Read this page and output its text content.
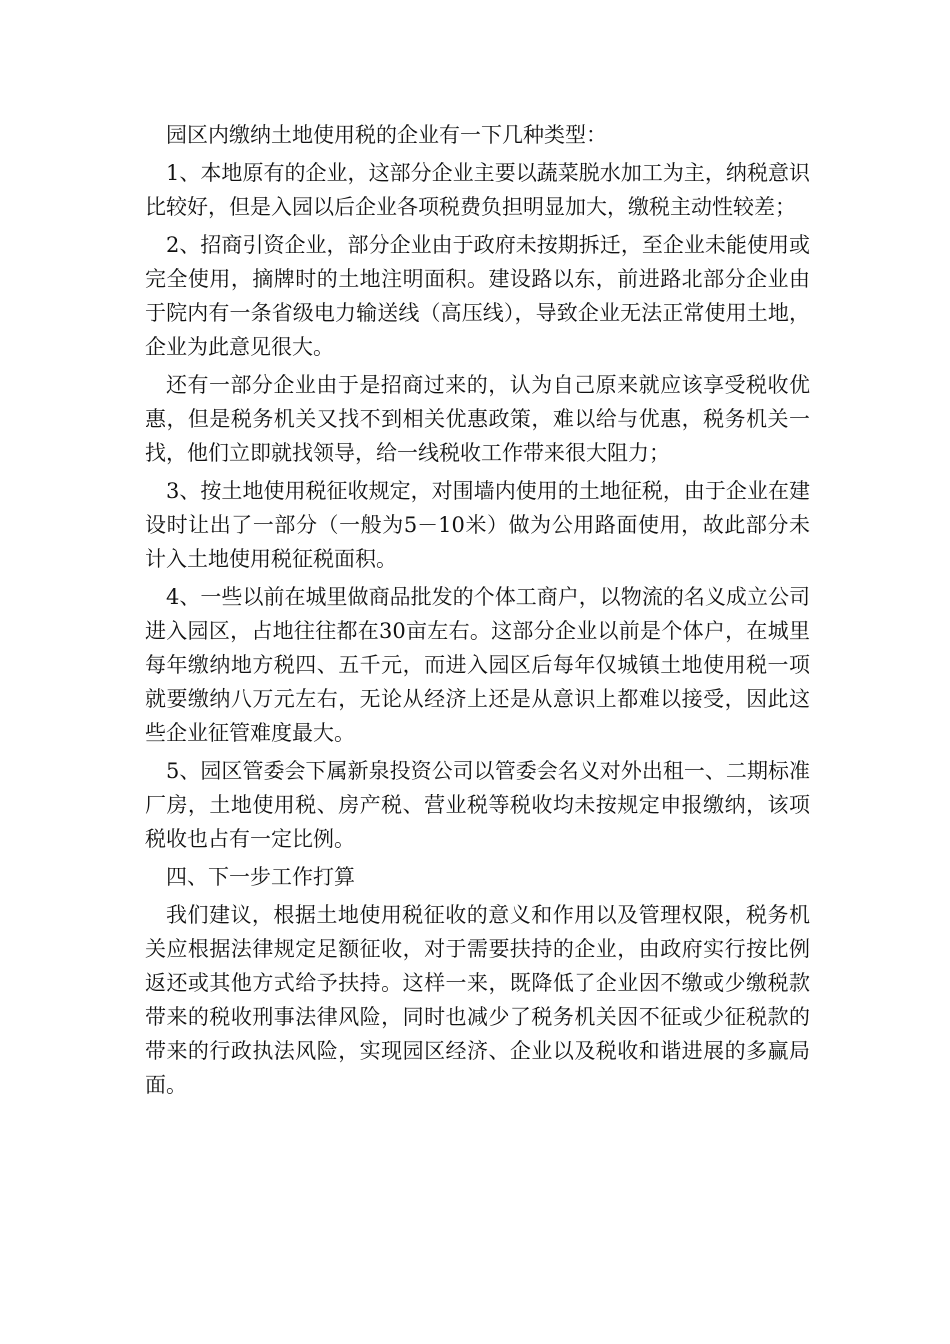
园区内缴纳土地使用税的企业有一下几种类型：

1、本地原有的企业，这部分企业主要以蔬菜脱水加工为主，纳税意识比较好，但是入园以后企业各项税费负担明显加大，缴税主动性较差；

2、招商引资企业，部分企业由于政府未按期拆迁，至企业未能使用或完全使用，摘牌时的土地注明面积。建设路以东，前进路北部分企业由于院内有一条省级电力输送线（高压线），导致企业无法正常使用土地，企业为此意见很大。

还有一部分企业由于是招商过来的，认为自己原来就应该享受税收优惠，但是税务机关又找不到相关优惠政策，难以给与优惠，税务机关一找，他们立即就找领导，给一线税收工作带来很大阻力；

3、按土地使用税征收规定，对围墙内使用的土地征税，由于企业在建设时让出了一部分（一般为5－10米）做为公用路面使用，故此部分未计入土地使用税征税面积。

4、一些以前在城里做商品批发的个体工商户，以物流的名义成立公司进入园区，占地往往都在30亩左右。这部分企业以前是个体户，在城里每年缴纳地方税四、五千元，而进入园区后每年仅城镇土地使用税一项就要缴纳八万元左右，无论从经济上还是从意识上都难以接受，因此这些企业征管难度最大。

5、园区管委会下属新泉投资公司以管委会名义对外出租一、二期标准厂房，土地使用税、房产税、营业税等税收均未按规定申报缴纳，该项税收也占有一定比例。

四、下一步工作打算

我们建议，根据土地使用税征收的意义和作用以及管理权限，税务机关应根据法律规定足额征收，对于需要扶持的企业，由政府实行按比例返还或其他方式给予扶持。这样一来，既降低了企业因不缴或少缴税款带来的税收刑事法律风险，同时也减少了税务机关因不征或少征税款的带来的行政执法风险，实现园区经济、企业以及税收和谐进展的多赢局面。
